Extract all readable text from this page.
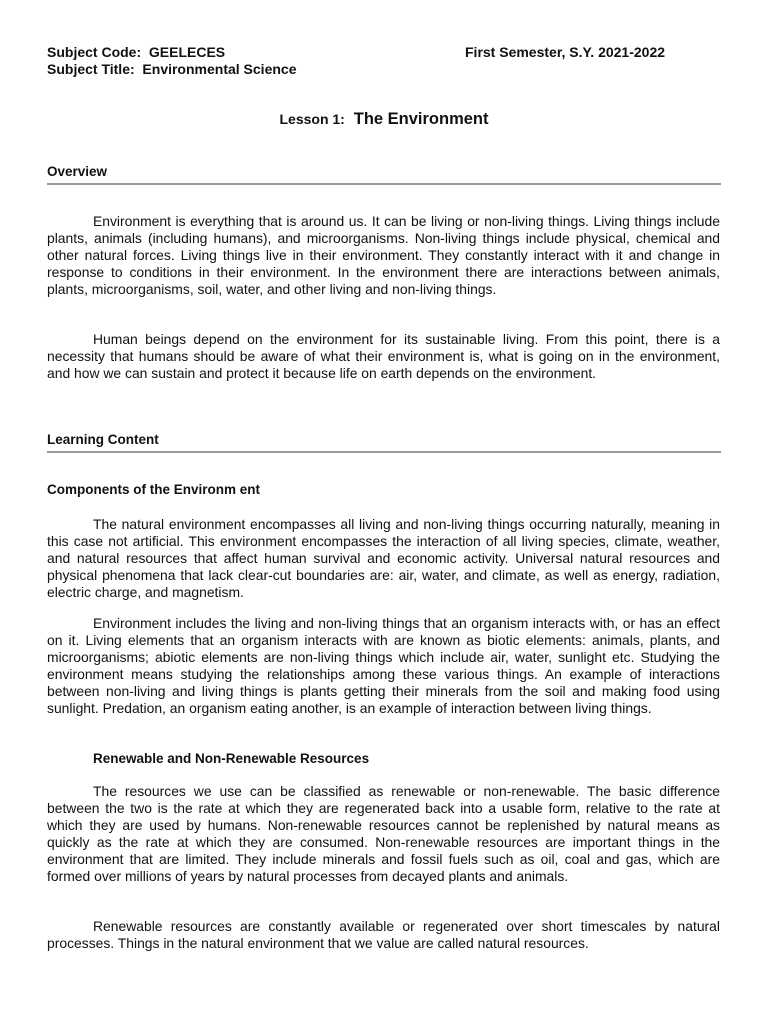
Subject Code:  GEELECES
Subject Title:  Environmental Science
First Semester, S.Y. 2021-2022
Lesson 1: The Environment
Overview

Environment is everything that is around us. It can be living or non-living things. Living things include plants, animals (including humans), and microorganisms. Non-living things include physical, chemical and other natural forces. Living things live in their environment. They constantly interact with it and change in response to conditions in their environment. In the environment there are interactions between animals, plants, microorganisms, soil, water, and other living and non-living things.

Human beings depend on the environment for its sustainable living. From this point, there is a necessity that humans should be aware of what their environment is, what is going on in the environment, and how we can sustain and protect it because life on earth depends on the environment.

Learning Content
Components of the Environm ent

The natural environment encompasses all living and non-living things occurring naturally, meaning in this case not artificial. This environment encompasses the interaction of all living species, climate, weather, and natural resources that affect human survival and economic activity. Universal natural resources and physical phenomena that lack clear-cut boundaries are: air, water, and climate, as well as energy, radiation, electric charge, and magnetism.

Environment includes the living and non-living things that an organism interacts with, or has an effect on it. Living elements that an organism interacts with are known as biotic elements: animals, plants, and microorganisms; abiotic elements are non-living things which include air, water, sunlight etc. Studying the environment means studying the relationships among these various things. An example of interactions between non-living and living things is plants getting their minerals from the soil and making food using sunlight. Predation, an organism eating another, is an example of interaction between living things.

Renewable and Non-Renewable Resources

The resources we use can be classified as renewable or non-renewable. The basic difference between the two is the rate at which they are regenerated back into a usable form, relative to the rate at which they are used by humans. Non-renewable resources cannot be replenished by natural means as quickly as the rate at which they are consumed. Non-renewable resources are important things in the environment that are limited. They include minerals and fossil fuels such as oil, coal and gas, which are formed over millions of years by natural processes from decayed plants and animals.

Renewable resources are constantly available or regenerated over short timescales by natural processes. Things in the natural environment that we value are called natural resources.
